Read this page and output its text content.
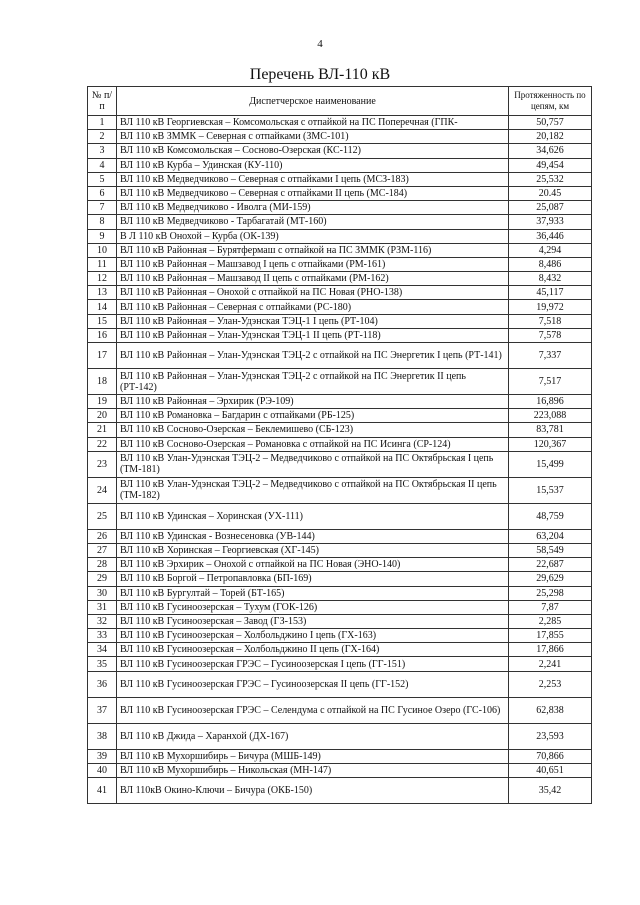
4
Перечень ВЛ-110 кВ
№ п/п	Диспетчерское наименование	Протяженность по цепям, км
1	ВЛ 110 кВ Георгиевская – Комсомольская с отпайкой на ПС Поперечная (ГПК-	50,757
2	ВЛ 110 кВ ЗММК – Северная с отпайками (ЗМС-101)	20,182
3	ВЛ 110 кВ Комсомольская – Сосново-Озерская (КС-112)	34,626
4	ВЛ 110 кВ Курба – Удинская (КУ-110)	49,454
5	ВЛ 110 кВ Медведчиково – Северная с отпайками I цепь (МСЗ-183)	25,532
6	ВЛ 110 кВ Медведчиково – Северная с отпайками II цепь (МС-184)	20.45
7	ВЛ 110 кВ Медведчиково - Иволга (МИ-159)	25,087
8	ВЛ 110 кВ Медведчиково - Тарбагатай (МТ-160)	37,933
9	В Л 110 кВ Онохой – Курба (ОК-139)	36,446
10	ВЛ 110 кВ Районная – Бурятфермаш с отпайкой на ПС ЗММК (РЗМ-116)	4,294
11	ВЛ 110 кВ Районная – Машзавод I цепь с отпайками (РМ-161)	8,486
12	ВЛ 110 кВ Районная – Машзавод II цепь с отпайками (РМ-162)	8,432
13	ВЛ 110 кВ Районная – Онохой с отпайкой на ПС Новая (РНО-138)	45,117
14	ВЛ 110 кВ Районная – Северная с отпайками (РС-180)	19,972
15	ВЛ 110 кВ Районная – Улан-Удэнская ТЭЦ-1 I цепь (РТ-104)	7,518
16	ВЛ 110 кВ Районная – Улан-Удэнская ТЭЦ-1 II цепь (РТ-118)	7,578
17	ВЛ 110 кВ Районная – Улан-Удэнская ТЭЦ-2 с отпайкой на ПС Энергетик I цепь (РТ-141)	7,337
18	ВЛ 110 кВ Районная – Улан-Удэнская ТЭЦ-2 с отпайкой на ПС Энергетик II цепь (РТ-142)	7,517
19	ВЛ 110 кВ Районная – Эрхирик (РЭ-109)	16,896
20	ВЛ 110 кВ Романовка – Багдарин с отпайками (РБ-125)	223,088
21	ВЛ 110 кВ Сосново-Озерская – Беклемишево (СБ-123)	83,781
22	ВЛ 110 кВ Сосново-Озерская – Романовка с отпайкой на ПС Исинга (СР-124)	120,367
23	ВЛ 110 кВ Улан-Удэнская ТЭЦ-2 – Медведчиково с отпайкой на ПС Октябрьская I цепь (ТМ-181)	15,499
24	ВЛ 110 кВ Улан-Удэнская ТЭЦ-2 – Медведчиково с отпайкой на ПС Октябрьская II цепь (ТМ-182)	15,537
25	ВЛ 110 кВ Удинская – Хоринская (УХ-111)	48,759
26	ВЛ 110 кВ Удинская - Вознесеновка (УВ-144)	63,204
27	ВЛ 110 кВ Хоринская – Георгиевская (ХГ-145)	58,549
28	ВЛ 110 кВ Эрхирик – Онохой с отпайкой на ПС Новая (ЭНО-140)	22,687
29	ВЛ 110 кВ Боргой – Петропавловка (БП-169)	29,629
30	ВЛ 110 кВ Бургултай – Торей (БТ-165)	25,298
31	ВЛ 110 кВ Гусиноозерская – Тухум (ГОК-126)	7,87
32	ВЛ 110 кВ Гусиноозерская – Завод (ГЗ-153)	2,285
33	ВЛ 110 кВ Гусиноозерская – Холбольджино I цепь (ГХ-163)	17,855
34	ВЛ 110 кВ Гусиноозерская – Холбольджино II цепь (ГХ-164)	17,866
35	ВЛ 110 кВ Гусиноозерская ГРЭС – Гусиноозерская I цепь (ГГ-151)	2,241
36	ВЛ 110 кВ Гусиноозерская ГРЭС – Гусиноозерская II цепь (ГГ-152)	2,253
37	ВЛ 110 кВ Гусиноозерская ГРЭС – Селендума с отпайкой на ПС Гусиное Озеро (ГС-106)	62,838
38	ВЛ 110 кВ Джида – Харанхой (ДХ-167)	23,593
39	ВЛ 110 кВ Мухоршибирь – Бичура (МШБ-149)	70,866
40	ВЛ 110 кВ Мухоршибирь – Никольская (МН-147)	40,651
41	ВЛ 110кВ Окино-Ключи – Бичура (ОКБ-150)	35,42
